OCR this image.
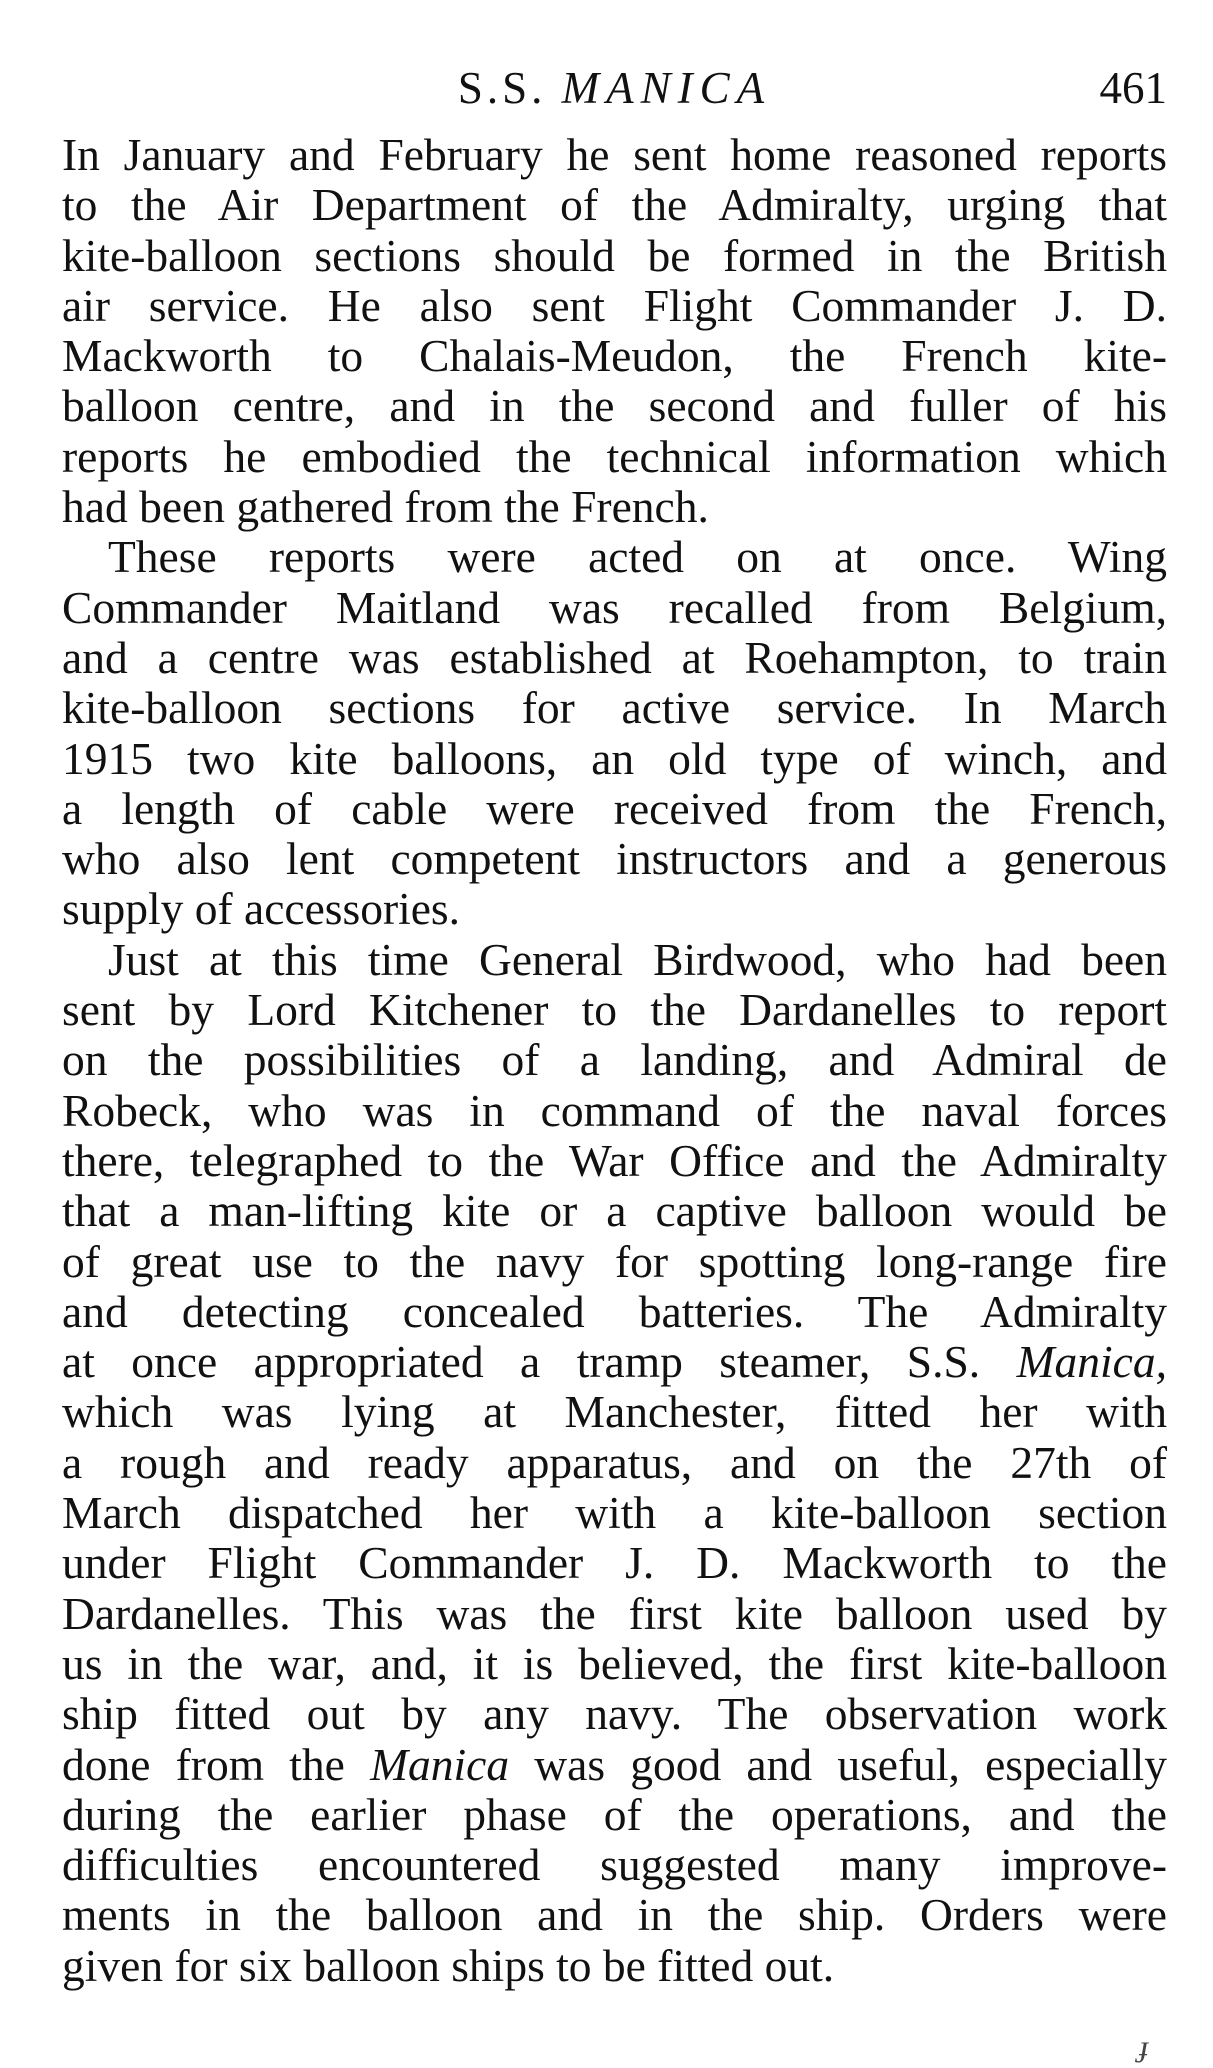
S.S. MANICA	461
In January and February he sent home reasoned reports
to the Air Department of the Admiralty, urging that
kite-balloon sections should be formed in the British
air service. He also sent Flight Commander J. D.
Mackworth to Chalais-Meudon, the French kite-
balloon centre, and in the second and fuller of his
reports he embodied the technical information which
had been gathered from the French.
These reports were acted on at once. Wing
Commander Maitland was recalled from Belgium,
and a centre was established at Roehampton, to train
kite-balloon sections for active service. In March
1915 two kite balloons, an old type of winch, and
a length of cable were received from the French,
who also lent competent instructors and a generous
supply of accessories.
Just at this time General Birdwood, who had been
sent by Lord Kitchener to the Dardanelles to report
on the possibilities of a landing, and Admiral de
Robeck, who was in command of the naval forces
there, telegraphed to the War Office and the Admiralty
that a man-lifting kite or a captive balloon would be
of great use to the navy for spotting long-range fire
and detecting concealed batteries. The Admiralty
at once appropriated a tramp steamer, S.S. Manica,
which was lying at Manchester, fitted her with
a rough and ready apparatus, and on the 27th of
March dispatched her with a kite-balloon section
under Flight Commander J. D. Mackworth to the
Dardanelles. This was the first kite balloon used by
us in the war, and, it is believed, the first kite-balloon
ship fitted out by any navy. The observation work
done from the Manica was good and useful, especially
during the earlier phase of the operations, and the
difficulties encountered suggested many improve-
ments in the balloon and in the ship. Orders were
given for six balloon ships to be fitted out.
ɟ
